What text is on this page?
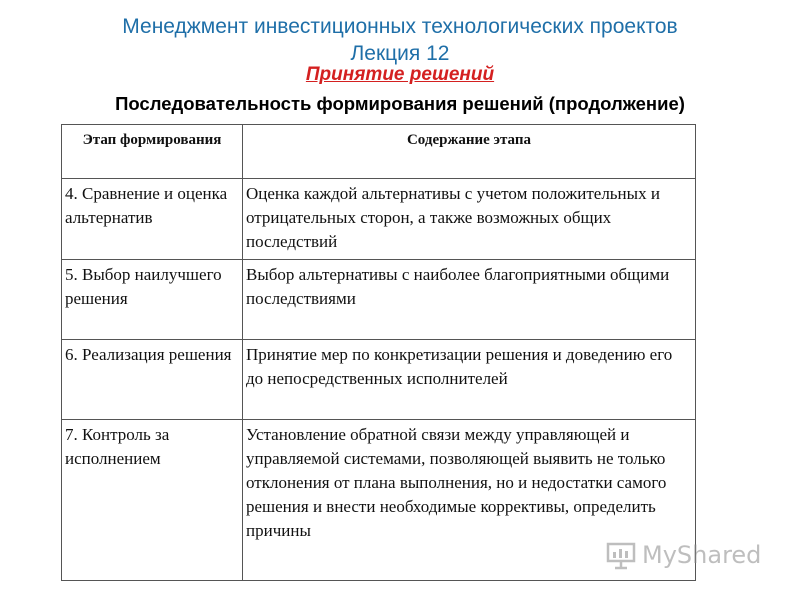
Менеджмент инвестиционных технологических проектов
Лекция 12
Принятие решений
Последовательность формирования решений (продолжение)
Этап формирования	Содержание этапа
4. Сравнение и оценка альтернатив	Оценка каждой альтернативы с учетом положительных и отрицательных сторон, а также возможных общих последствий
5. Выбор наилучшего решения	Выбор альтернативы с наиболее благоприятными общими последствиями
6. Реализация решения	Принятие мер по конкретизации решения и доведению его до непосредственных исполнителей
7. Контроль за исполнением	Установление обратной связи между управляющей и управляемой системами, позволяющей выявить не только отклонения от плана выполнения, но и недостатки самого решения и внести необходимые коррективы, определить причины
MyShared
